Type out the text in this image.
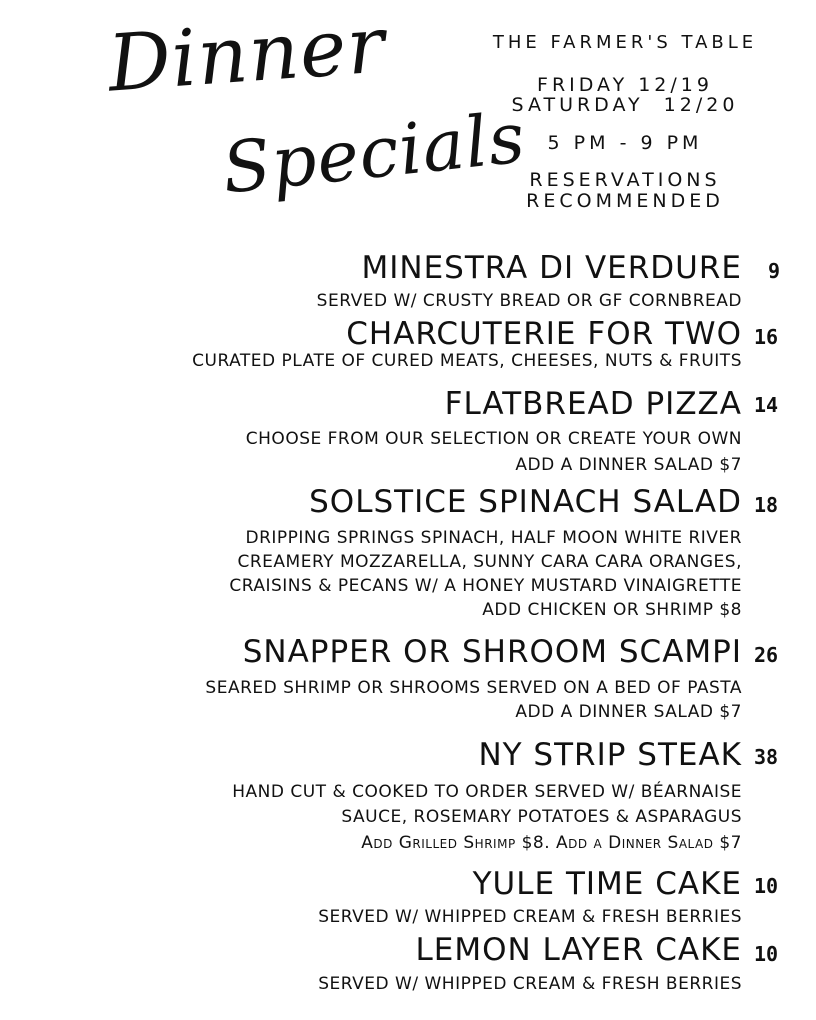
Dinner
Specials
THE FARMER'S TABLE
FRIDAY 12/19
SATURDAY  12/20
5 PM - 9 PM
RESERVATIONS
RECOMMENDED
MINESTRA DI VERDURE 9
SERVED W/ CRUSTY BREAD OR GF CORNBREAD
CHARCUTERIE FOR TWO 16
CURATED PLATE OF CURED MEATS, CHEESES, NUTS & FRUITS
FLATBREAD PIZZA 14
CHOOSE FROM OUR SELECTION OR CREATE YOUR OWN
ADD A DINNER SALAD $7
SOLSTICE SPINACH SALAD 18
DRIPPING SPRINGS SPINACH, HALF MOON WHITE RIVER
CREAMERY MOZZARELLA, SUNNY CARA CARA ORANGES,
CRAISINS & PECANS W/ A HONEY MUSTARD VINAIGRETTE
ADD CHICKEN OR SHRIMP $8
SNAPPER OR SHROOM SCAMPI 26
SEARED SHRIMP OR SHROOMS SERVED ON A BED OF PASTA
ADD A DINNER SALAD $7
NY STRIP STEAK 38
HAND CUT & COOKED TO ORDER SERVED W/ BÉARNAISE
SAUCE, ROSEMARY POTATOES & ASPARAGUS
Add Grilled Shrimp $8. Add a Dinner Salad $7
YULE TIME CAKE 10
SERVED W/ WHIPPED CREAM & FRESH BERRIES
LEMON LAYER CAKE 10
SERVED W/ WHIPPED CREAM & FRESH BERRIES
